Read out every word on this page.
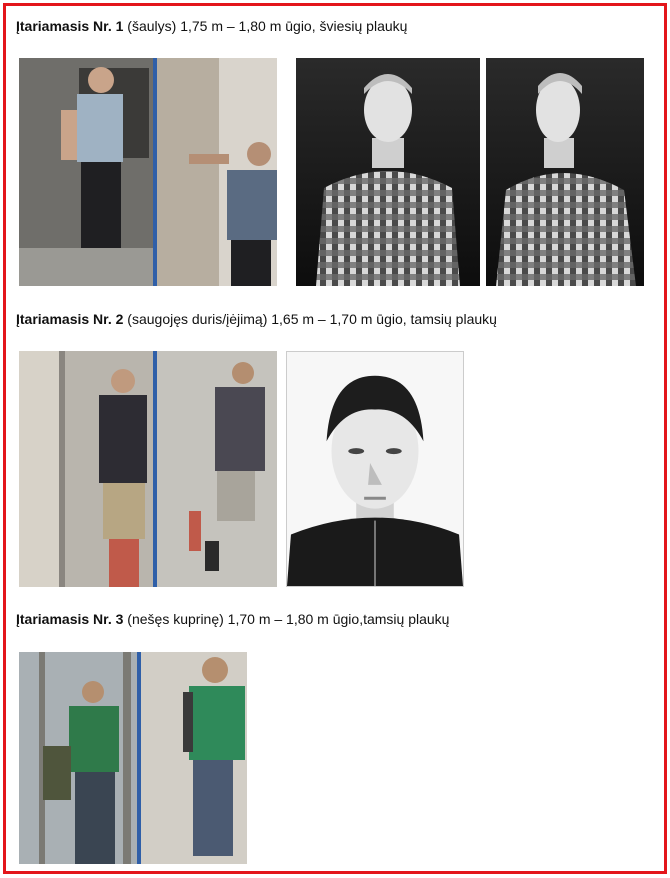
Įtariamasis Nr. 1 (šaulys) 1,75 m – 1,80 m ūgio, šviesių plaukų
Įtariamasis Nr. 2 (saugojęs duris/įėjimą) 1,65 m – 1,70 m ūgio, tamsių plaukų
Įtariamasis Nr. 3 (nešęs kuprinę) 1,70 m – 1,80 m ūgio,tamsių plaukų
